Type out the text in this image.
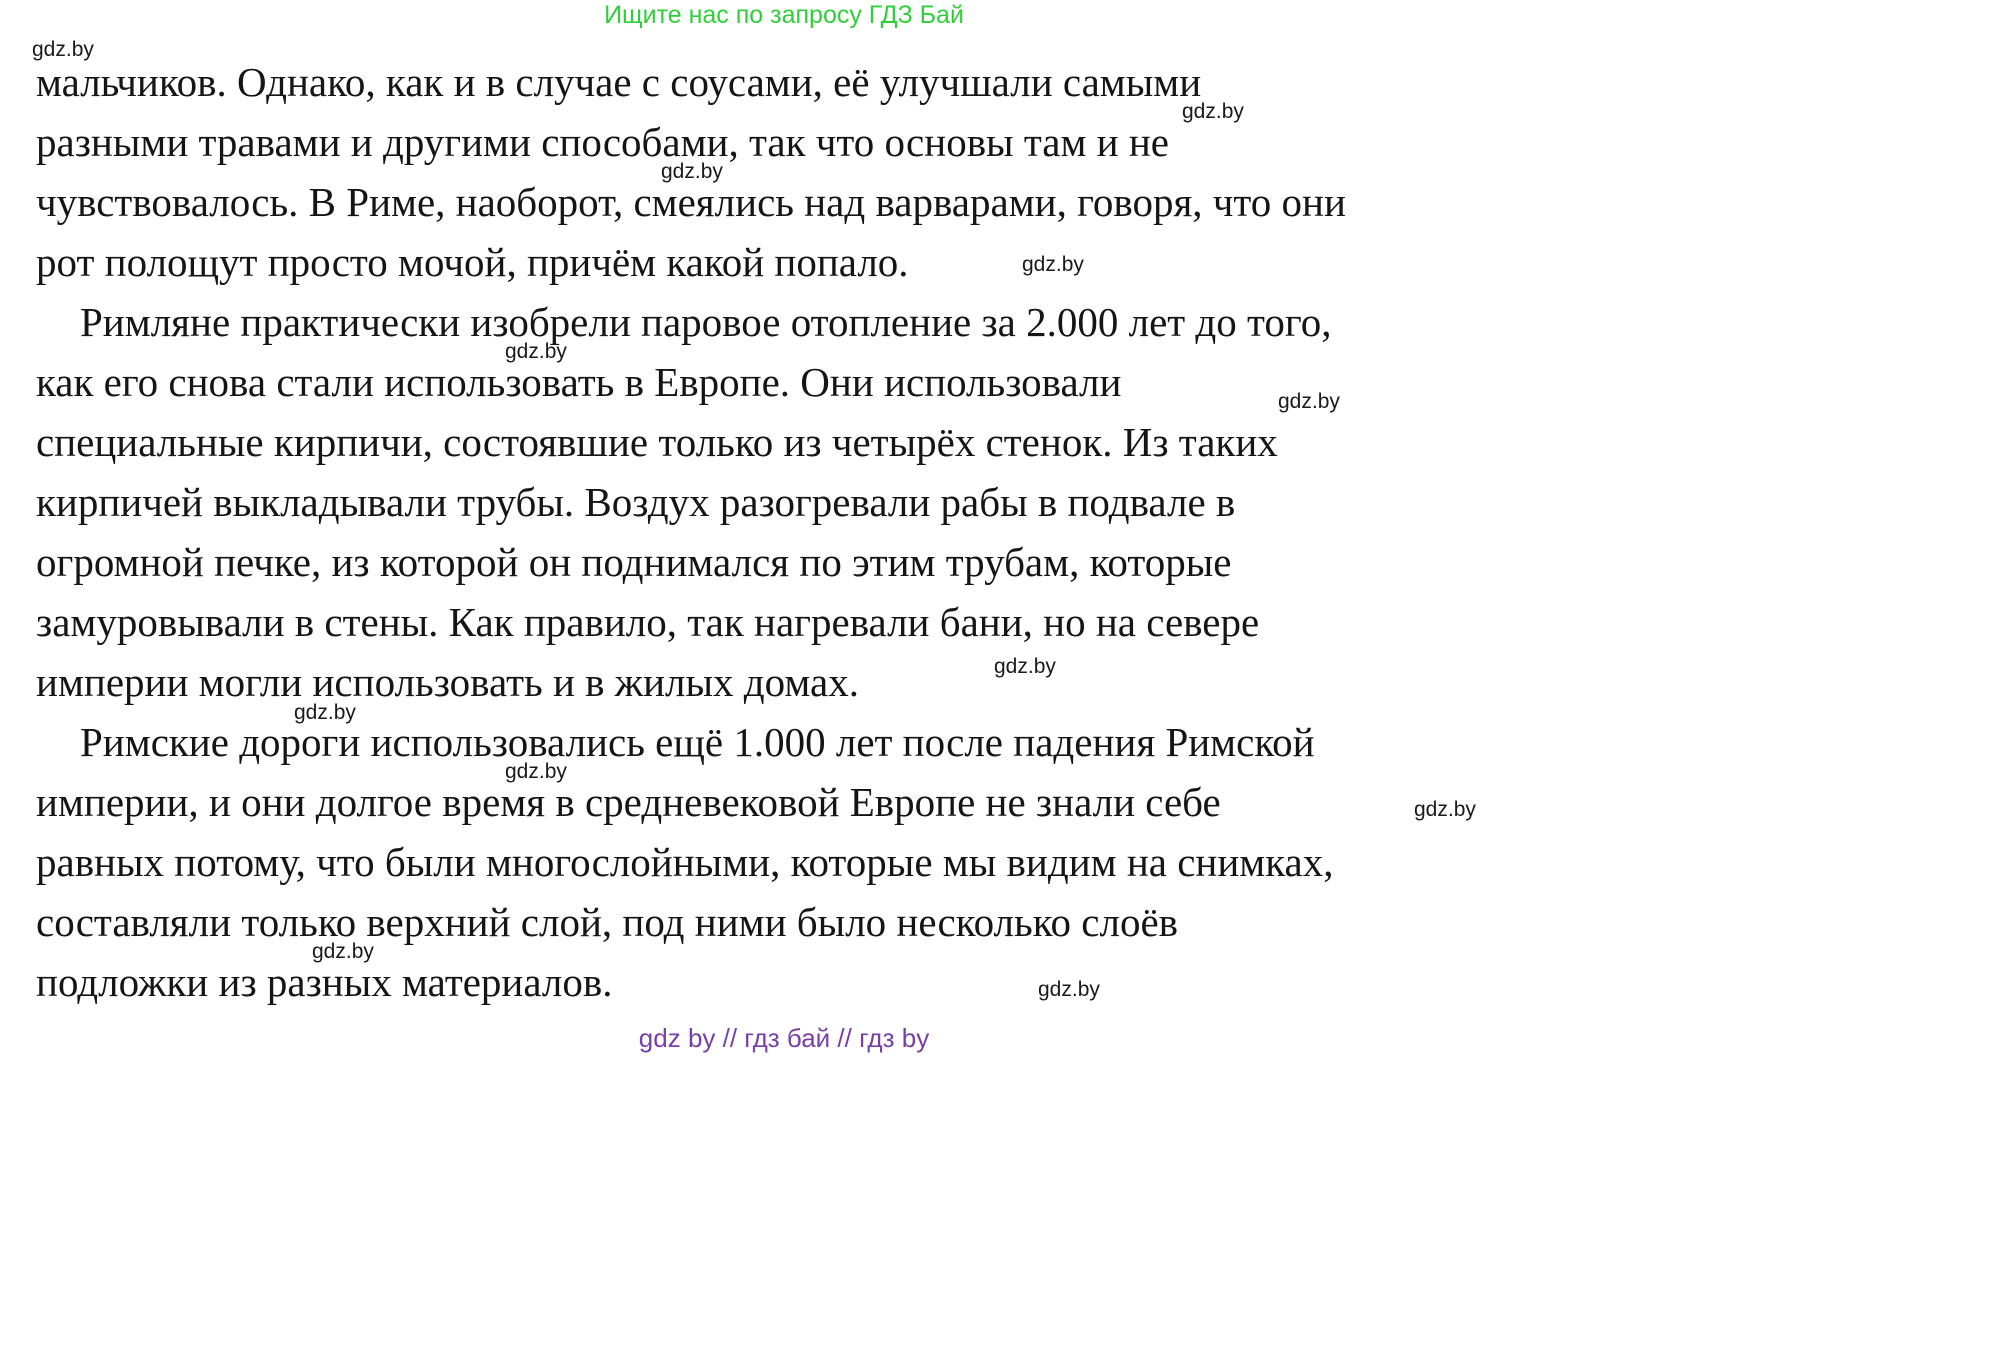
Ищите нас по запросу ГДЗ Бай
мальчиков. Однако, как и в случае с соусами, её улучшали самыми
разными травами и другими способами, так что основы там и не
чувствовалось. В Риме, наоборот, смеялись над варварами, говоря, что они
рот полощут просто мочой, причём какой попало.
Римляне практически изобрели паровое отопление за 2.000 лет до того,
как его снова стали использовать в Европе. Они использовали
специальные кирпичи, состоявшие только из четырёх стенок. Из таких
кирпичей выкладывали трубы. Воздух разогревали рабы в подвале в
огромной печке, из которой он поднимался по этим трубам, которые
замуровывали в стены. Как правило, так нагревали бани, но на севере
империи могли использовать и в жилых домах.
Римские дороги использовались ещё 1.000 лет после падения Римской
империи, и они долгое время в средневековой Европе не знали себе
равных потому, что были многослойными, которые мы видим на снимках,
составляли только верхний слой, под ними было несколько слоёв
подложки из разных материалов.
gdz.by
gdz.by
gdz.by
gdz.by
gdz.by
gdz.by
gdz.by
gdz.by
gdz.by
gdz.by
gdz.by
gdz.by
gdz by // гдз бай // гдз by
